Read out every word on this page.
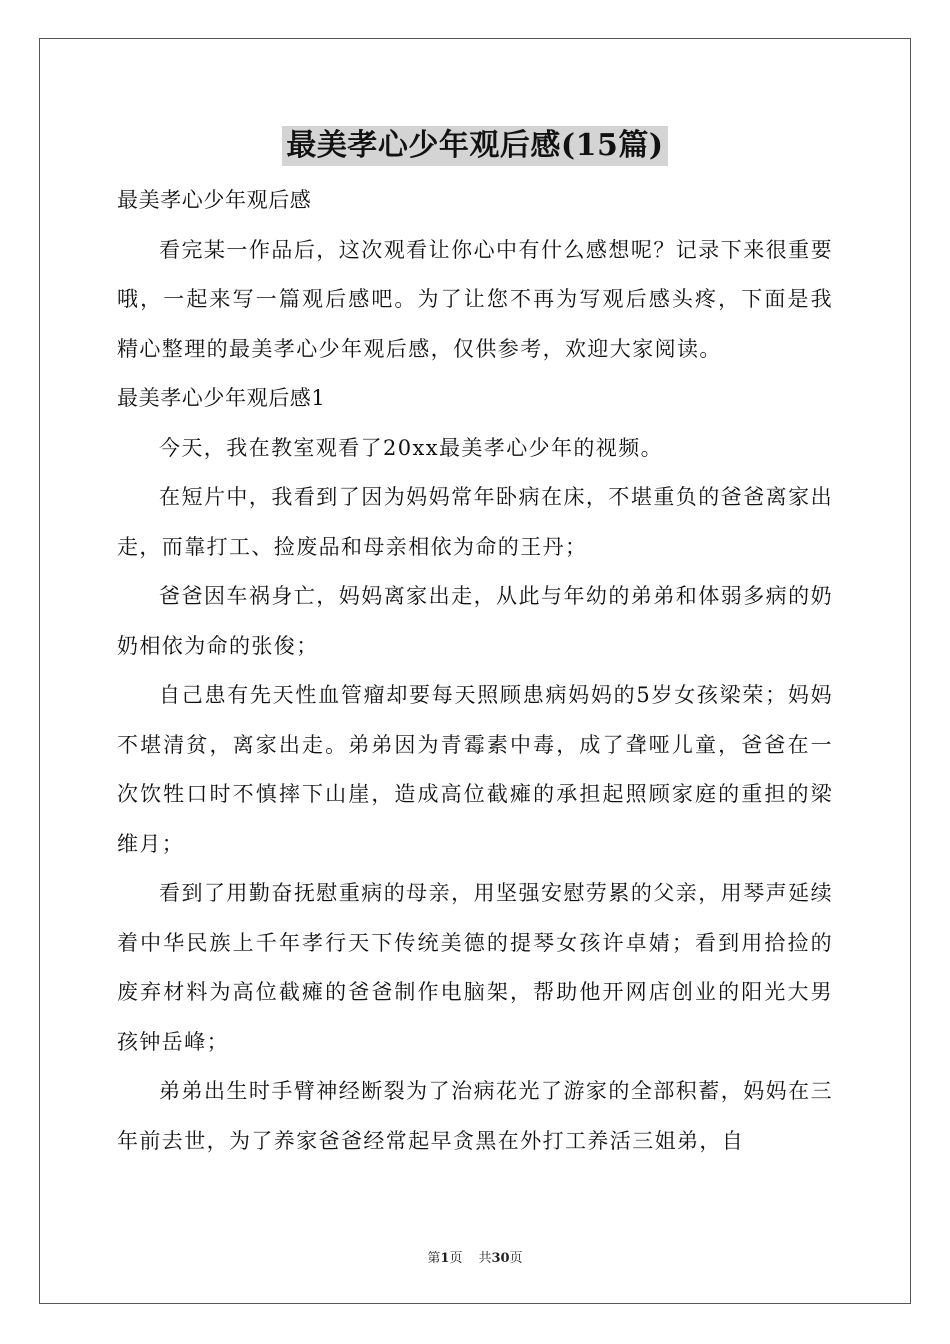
最美孝心少年观后感(15篇)

最美孝心少年观后感

看完某一作品后，这次观看让你心中有什么感想呢？记录下来很重要哦，一起来写一篇观后感吧。为了让您不再为写观后感头疼，下面是我精心整理的最美孝心少年观后感，仅供参考，欢迎大家阅读。

最美孝心少年观后感1

今天，我在教室观看了20xx最美孝心少年的视频。

在短片中，我看到了因为妈妈常年卧病在床，不堪重负的爸爸离家出走，而靠打工、捡废品和母亲相依为命的王丹；

爸爸因车祸身亡，妈妈离家出走，从此与年幼的弟弟和体弱多病的奶奶相依为命的张俊；

自己患有先天性血管瘤却要每天照顾患病妈妈的5岁女孩梁荣；妈妈不堪清贫，离家出走。弟弟因为青霉素中毒，成了聋哑儿童，爸爸在一次饮牲口时不慎摔下山崖，造成高位截瘫的承担起照顾家庭的重担的梁维月；

看到了用勤奋抚慰重病的母亲，用坚强安慰劳累的父亲，用琴声延续着中华民族上千年孝行天下传统美德的提琴女孩许卓婧；看到用拾捡的废弃材料为高位截瘫的爸爸制作电脑架，帮助他开网店创业的阳光大男孩钟岳峰；

弟弟出生时手臂神经断裂为了治病花光了游家的全部积蓄，妈妈在三年前去世，为了养家爸爸经常起早贪黑在外打工养活三姐弟，自

第1页 共30页
